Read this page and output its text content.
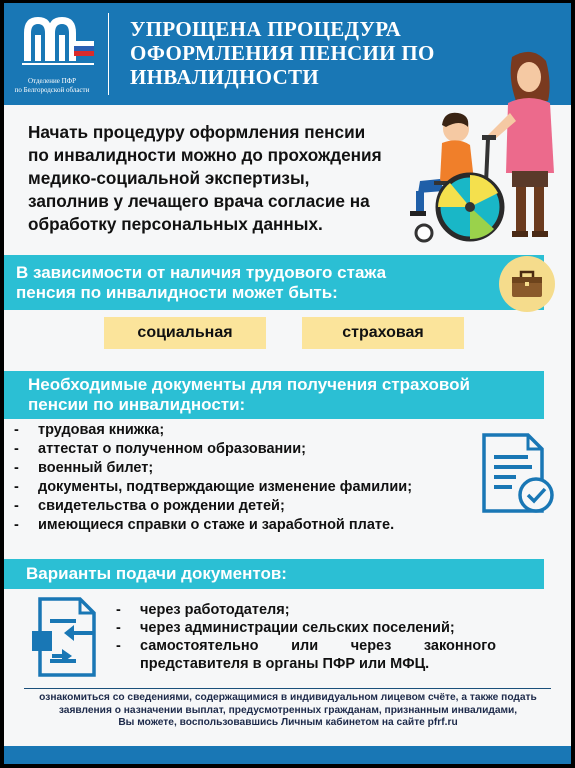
Отделение ПФР
по Белгородской области
УПРОЩЕНА ПРОЦЕДУРА
ОФОРМЛЕНИЯ ПЕНСИИ ПО
ИНВАЛИДНОСТИ
Начать процедуру оформления пенсии
по инвалидности можно до прохождения
медико-социальной экспертизы,
заполнив у лечащего врача согласие на
обработку персональных данных.
В зависимости от наличия трудового стажа
пенсия по инвалидности может быть:
социальная	страховая
Необходимые документы для получения страховой
пенсии по инвалидности:
- трудовая книжка;
- аттестат о полученном образовании;
- военный билет;
- документы, подтверждающие изменение фамилии;
- свидетельства о рождении детей;
- имеющиеся справки о стаже и заработной плате.
Варианты подачи документов:
- через работодателя;
- через администрации сельских поселений;
- самостоятельно или через законного
представителя в органы ПФР или МФЦ.
ознакомиться со сведениями, содержащимися в индивидуальном лицевом счёте, а также подать
заявления о назначении выплат, предусмотренных гражданам, признанным инвалидами,
Вы можете, воспользовавшись Личным кабинетом на сайте pfrf.ru
